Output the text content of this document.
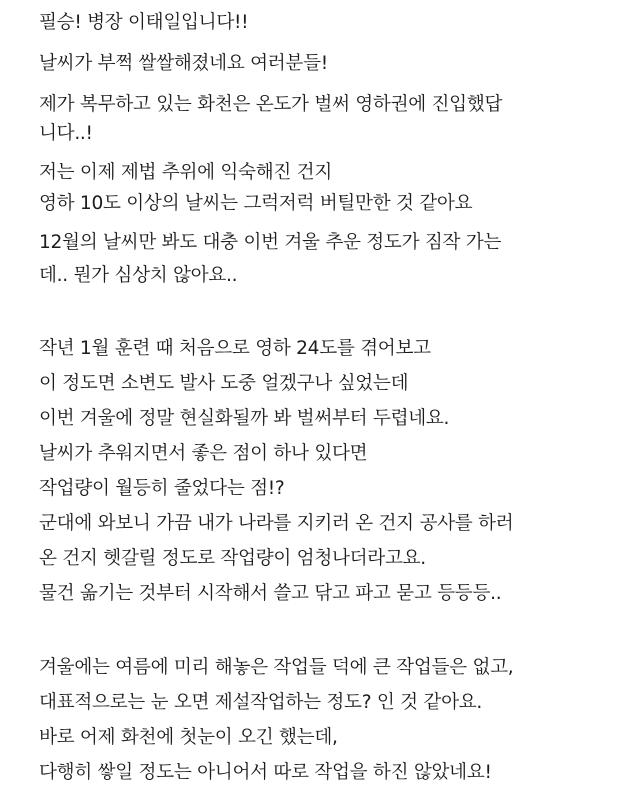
필승! 병장 이태일입니다!!
날씨가 부쩍 쌀쌀해졌네요 여러분들!
제가 복무하고 있는 화천은 온도가 벌써 영하권에 진입했답
니다..!
저는 이제 제법 추위에 익숙해진 건지
영하 10도 이상의 날씨는 그럭저럭 버틸만한 것 같아요
12월의 날씨만 봐도 대충 이번 겨울 추운 정도가 짐작 가는
데.. 뭔가 심상치 않아요..
작년 1월 훈련 때 처음으로 영하 24도를 겪어보고
이 정도면 소변도 발사 도중 얼겠구나 싶었는데
이번 겨울에 정말 현실화될까 봐 벌써부터 두렵네요.
날씨가 추워지면서 좋은 점이 하나 있다면
작업량이 월등히 줄었다는 점!?
군대에 와보니 가끔 내가 나라를 지키러 온 건지 공사를 하러
온 건지 헷갈릴 정도로 작업량이 엄청나더라고요.
물건 옮기는 것부터 시작해서 쓸고 닦고 파고 묻고 등등등..
겨울에는 여름에 미리 해놓은 작업들 덕에 큰 작업들은 없고,
대표적으로는 눈 오면 제설작업하는 정도? 인 것 같아요.
바로 어제 화천에 첫눈이 오긴 했는데,
다행히 쌓일 정도는 아니어서 따로 작업을 하진 않았네요!
